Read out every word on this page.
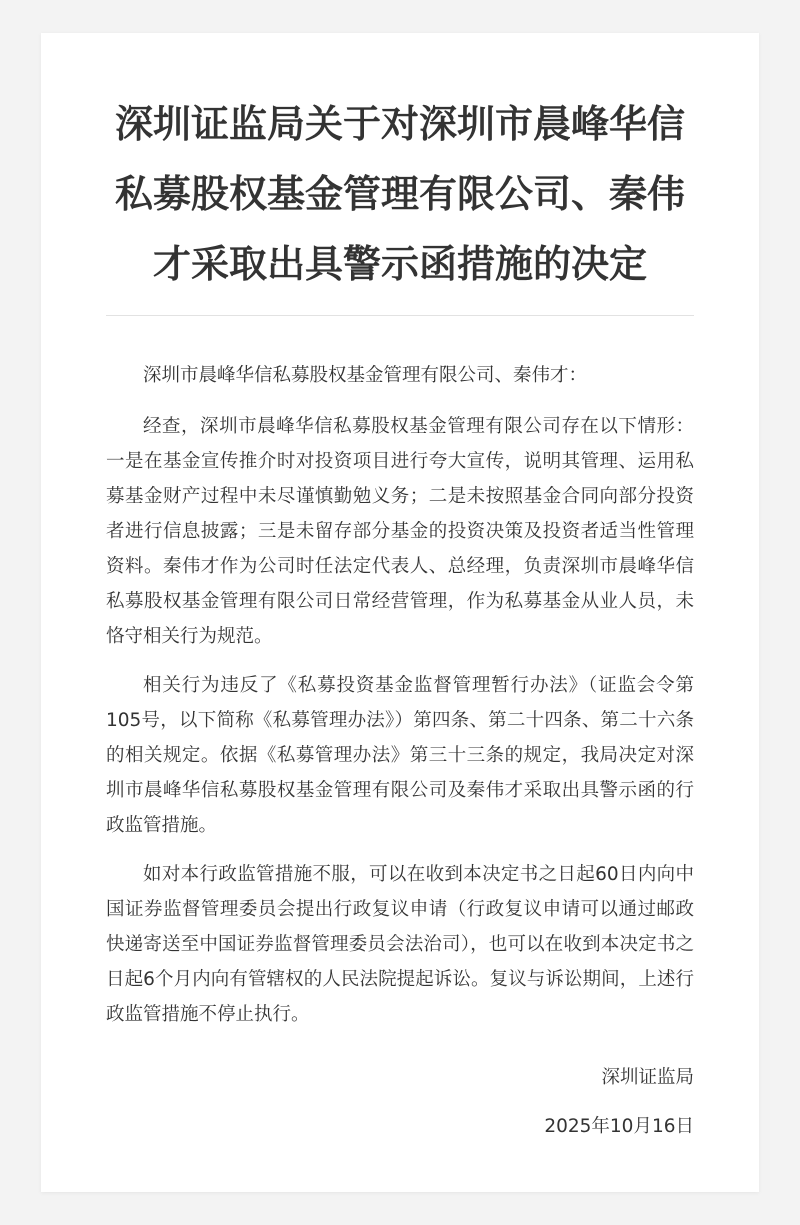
深圳证监局关于对深圳市晨峰华信私募股权基金管理有限公司、秦伟才采取出具警示函措施的决定

深圳市晨峰华信私募股权基金管理有限公司、秦伟才：

经查，深圳市晨峰华信私募股权基金管理有限公司存在以下情形：一是在基金宣传推介时对投资项目进行夸大宣传，说明其管理、运用私募基金财产过程中未尽谨慎勤勉义务；二是未按照基金合同向部分投资者进行信息披露；三是未留存部分基金的投资决策及投资者适当性管理资料。秦伟才作为公司时任法定代表人、总经理，负责深圳市晨峰华信私募股权基金管理有限公司日常经营管理，作为私募基金从业人员，未恪守相关行为规范。

相关行为违反了《私募投资基金监督管理暂行办法》（证监会令第105号，以下简称《私募管理办法》）第四条、第二十四条、第二十六条的相关规定。依据《私募管理办法》第三十三条的规定，我局决定对深圳市晨峰华信私募股权基金管理有限公司及秦伟才采取出具警示函的行政监管措施。

如对本行政监管措施不服，可以在收到本决定书之日起60日内向中国证券监督管理委员会提出行政复议申请（行政复议申请可以通过邮政快递寄送至中国证券监督管理委员会法治司），也可以在收到本决定书之日起6个月内向有管辖权的人民法院提起诉讼。复议与诉讼期间，上述行政监管措施不停止执行。

深圳证监局

2025年10月16日
